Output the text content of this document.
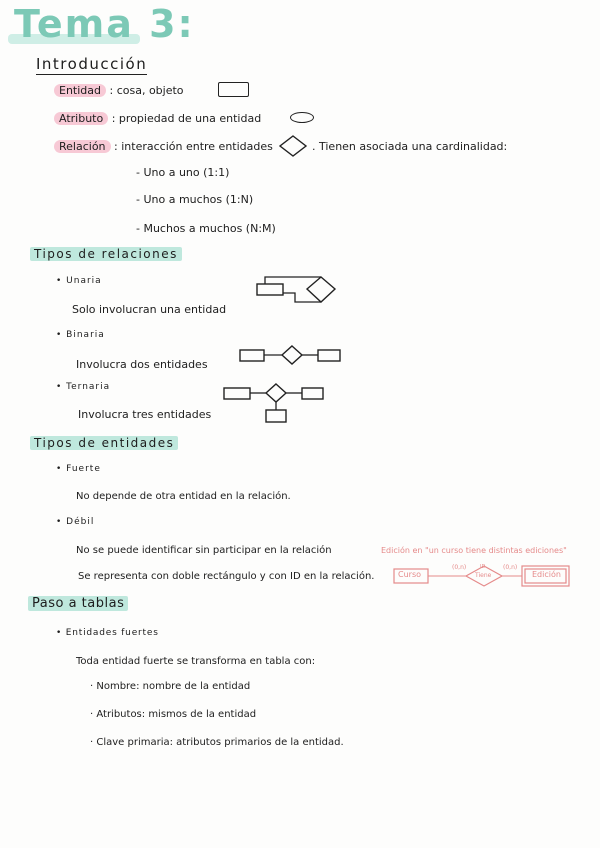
Tema 3:
Introducción
Entidad : cosa, objeto
Atributo : propiedad de una entidad
Relación : interacción entre entidades	. Tienen asociada una cardinalidad:
- Uno a uno (1:1)
- Uno a muchos (1:N)
- Muchos a muchos (N:M)
Tipos de relaciones
• Unaria
Solo involucran una entidad
• Binaria
Involucra dos entidades
• Ternaria
Involucra tres entidades
Tipos de entidades
• Fuerte
No depende de otra entidad en la relación.
• Débil
No se puede identificar sin participar en la relación	Edición en "un curso tiene distintas ediciones"
Se representa con doble rectángulo y con ID en la relación.	Curso
(0,n)	ID
Tiene
(0,n)
Edición
Paso a tablas
• Entidades fuertes
Toda entidad fuerte se transforma en tabla con:
· Nombre: nombre de la entidad
· Atributos: mismos de la entidad
· Clave primaria: atributos primarios de la entidad.
